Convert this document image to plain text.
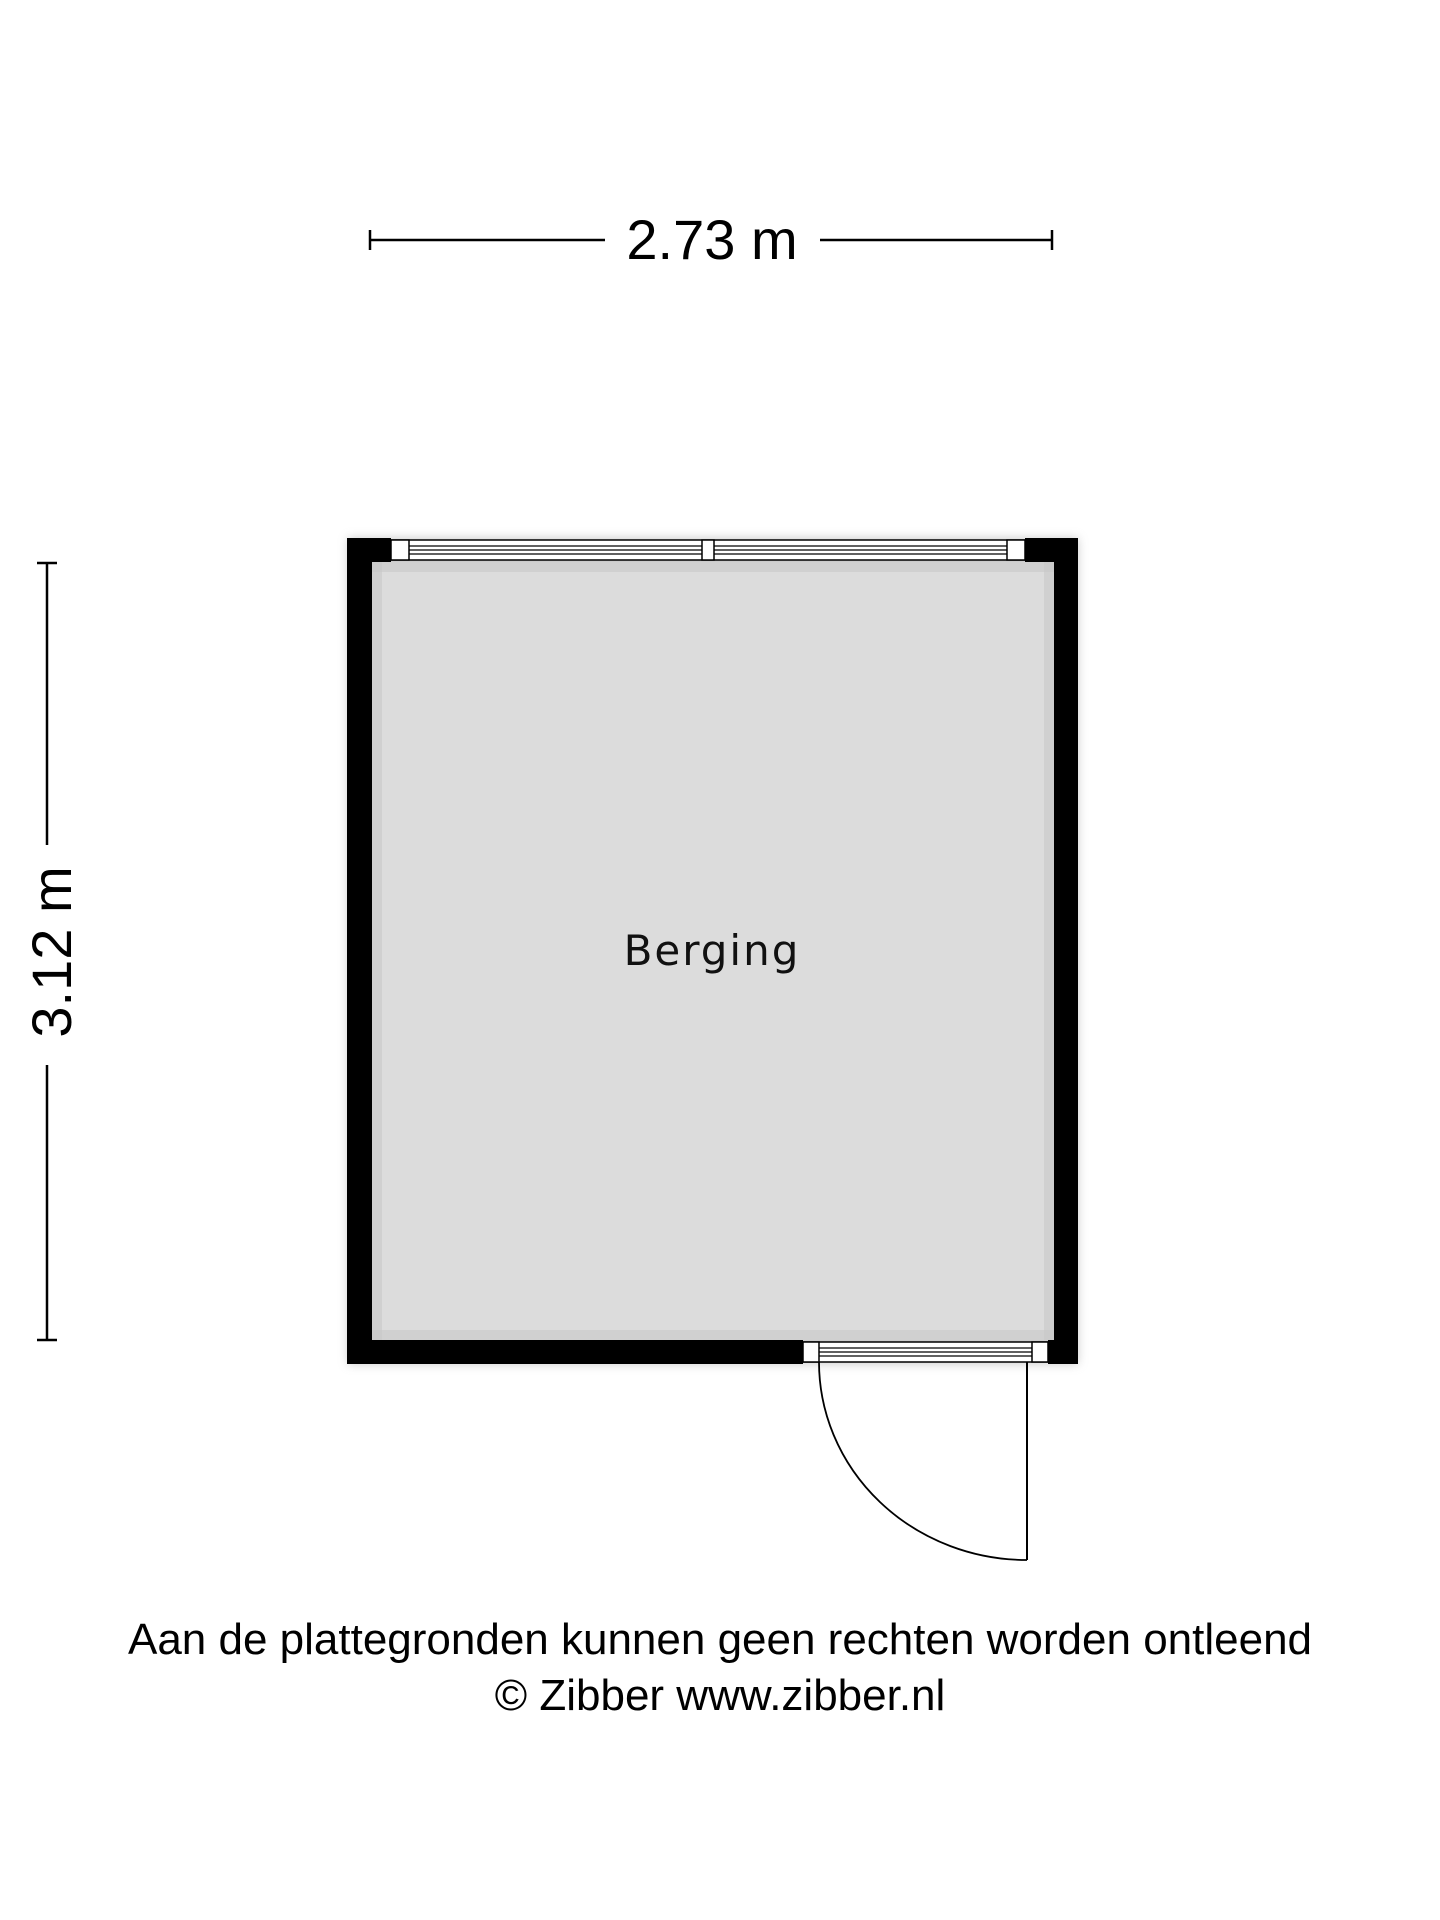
2.73 m
3.12 m	Berging
Aan de plattegronden kunnen geen rechten worden ontleend
© Zibber www.zibber.nl
